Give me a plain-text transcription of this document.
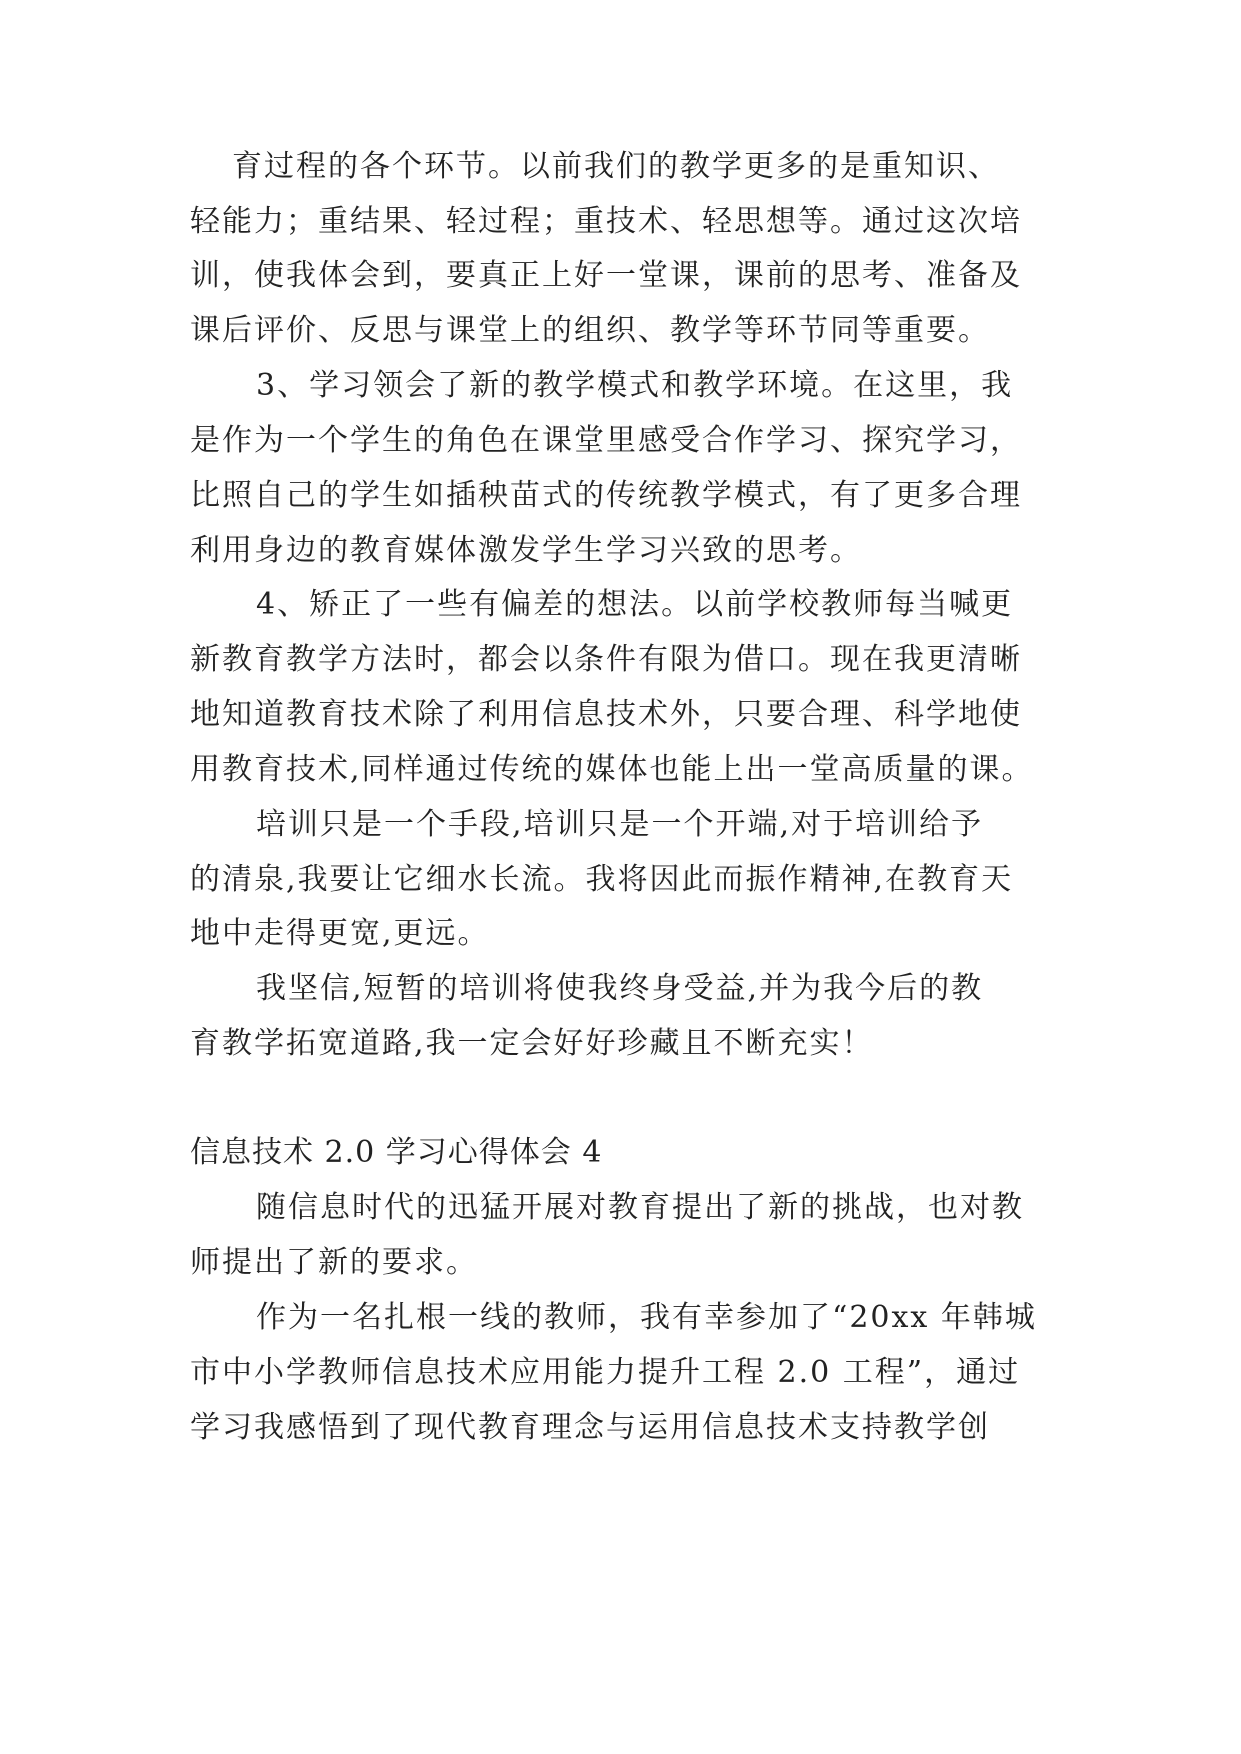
育过程的各个环节。以前我们的教学更多的是重知识、
轻能力；重结果、轻过程；重技术、轻思想等。通过这次培
训，使我体会到，要真正上好一堂课，课前的思考、准备及
课后评价、反思与课堂上的组织、教学等环节同等重要。
3、学习领会了新的教学模式和教学环境。在这里，我
是作为一个学生的角色在课堂里感受合作学习、探究学习，
比照自己的学生如插秧苗式的传统教学模式，有了更多合理
利用身边的教育媒体激发学生学习兴致的思考。
4、矫正了一些有偏差的想法。以前学校教师每当喊更
新教育教学方法时，都会以条件有限为借口。现在我更清晰
地知道教育技术除了利用信息技术外，只要合理、科学地使
用教育技术,同样通过传统的媒体也能上出一堂高质量的课。
培训只是一个手段,培训只是一个开端,对于培训给予
的清泉,我要让它细水长流。我将因此而振作精神,在教育天
地中走得更宽,更远。
我坚信,短暂的培训将使我终身受益,并为我今后的教
育教学拓宽道路,我一定会好好珍藏且不断充实！
信息技术 2.0 学习心得体会 4
随信息时代的迅猛开展对教育提出了新的挑战，也对教
师提出了新的要求。
作为一名扎根一线的教师，我有幸参加了“20xx 年韩城
市中小学教师信息技术应用能力提升工程 2.0 工程”，通过
学习我感悟到了现代教育理念与运用信息技术支持教学创
